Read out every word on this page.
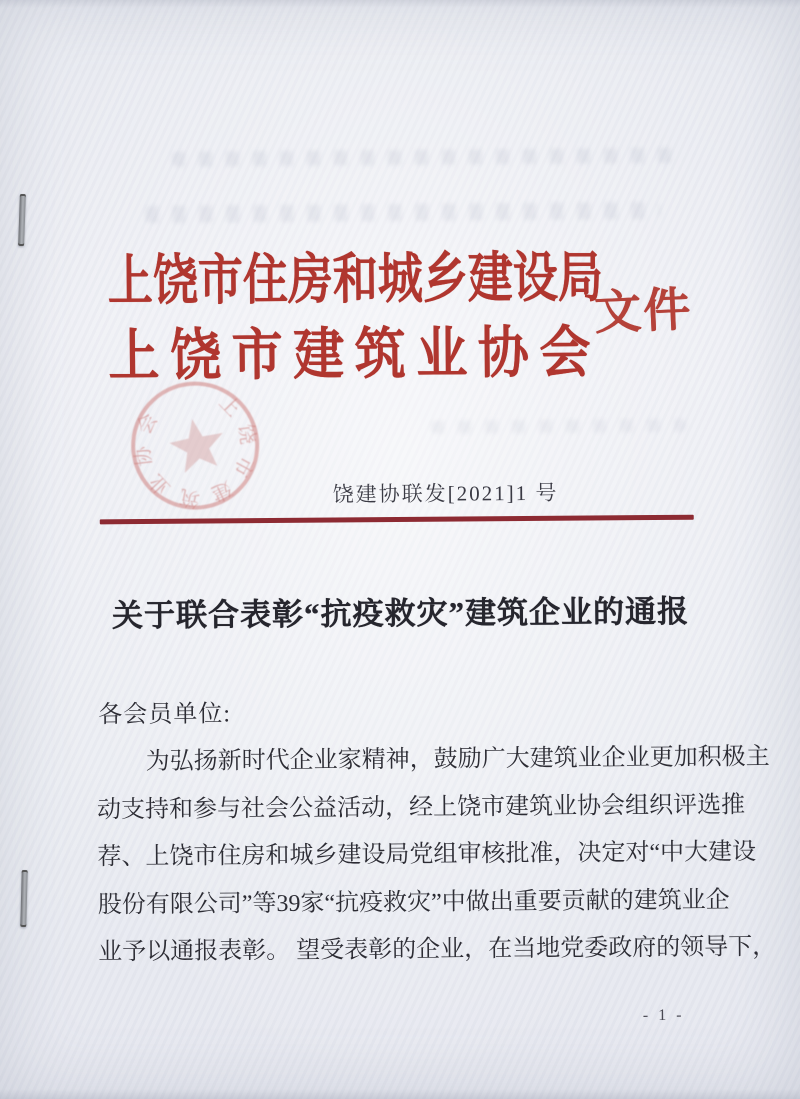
上饶市住房和城乡建设局
上饶市建筑业协会
文件
上饶市建筑业协会
饶建协联发[2021]1 号
关于联合表彰“抗疫救灾”建筑企业的通报
各会员单位:
为弘扬新时代企业家精神，鼓励广大建筑业企业更加积极主
动支持和参与社会公益活动，经上饶市建筑业协会组织评选推
荐、上饶市住房和城乡建设局党组审核批准，决定对“中大建设
股份有限公司”等39家“抗疫救灾”中做出重要贡献的建筑业企
业予以通报表彰。 望受表彰的企业，在当地党委政府的领导下，
- 1 -
